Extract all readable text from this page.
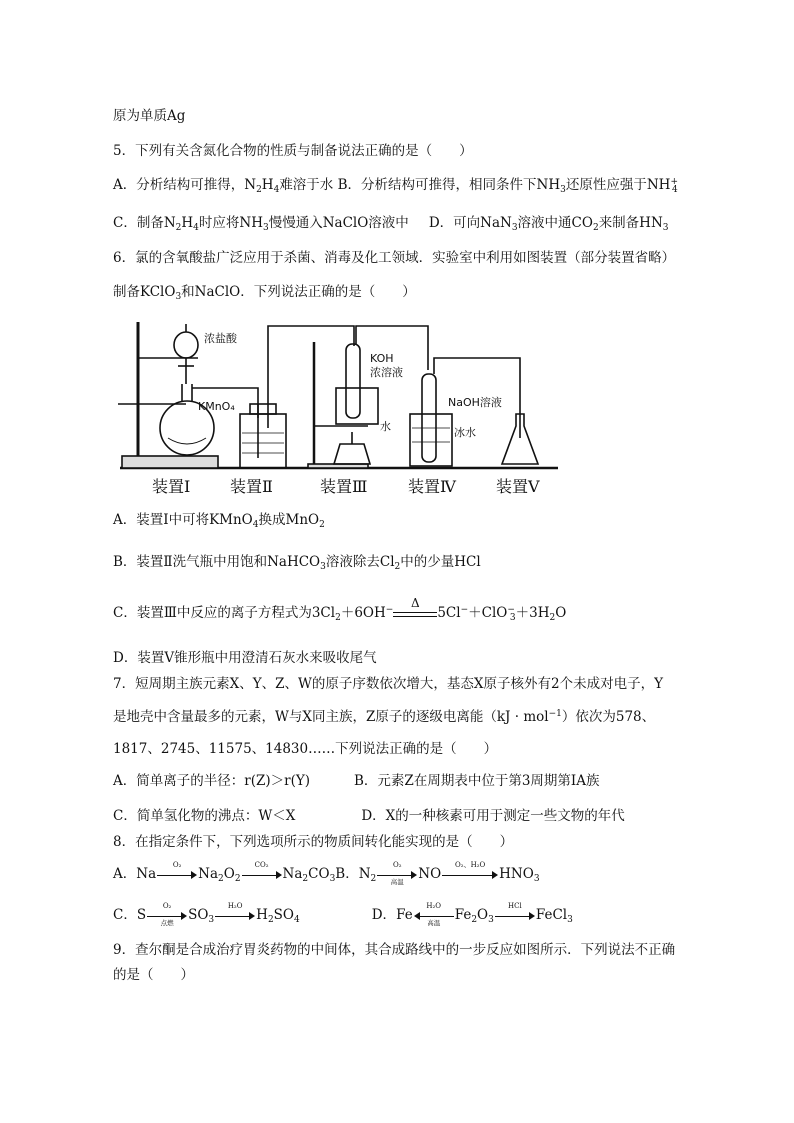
原为单质Ag
5．下列有关含氮化合物的性质与制备说法正确的是（　　）
A．分析结构可推得，$N_2H_4$难溶于水 B．分析结构可推得，相同条件下$NH_3$还原性应强于$NH^+_4$
C．制备$N_2H_4$时应将$NH_3$慢慢通入NaClO溶液中 D．可向NaN$_3$溶液中通$CO_2$来制备$HN_3$
6．氯的含氧酸盐广泛应用于杀菌、消毒及化工领域．实验室中利用如图装置（部分装置省略）
制备KClO$_3$和NaClO．下列说法正确的是（　　）
浓盐酸
KMnO₄
KOH
浓溶液
水
NaOH溶液
冰水
装置Ⅰ 装置Ⅱ	装置Ⅲ	装置Ⅳ	装置Ⅴ
A．装置Ⅰ中可将KMnO$_4$换成MnO$_2$
B．装置Ⅱ洗气瓶中用饱和NaHCO$_3$溶液除去$Cl_2$中的少量HCl
C．装置Ⅲ中反应的离子方程式为$3Cl_2+6OH^-$
Δ
$5Cl^-+ClO^-_3+3H_2O$
D．装置Ⅴ锥形瓶中用澄清石灰水来吸收尾气
7．短周期主族元素X、Y、Z、W的原子序数依次增大，基态X原子核外有2个未成对电子，Y
是地壳中含量最多的元素，W与X同主族，Z原子的逐级电离能（kJ · mol$^{-1}$）依次为578、
1817、2745、11575、14830……下列说法正确的是（　　）
A．简单离子的半径：r(Z)＞r(Y)	B．元素Z在周期表中位于第3周期第ⅠA族
C．简单氢化物的沸点：W＜X	D．X的一种核素可用于测定一些文物的年代
8．在指定条件下，下列选项所示的物质间转化能实现的是（　　）
A．Na
O₂
$Na_2O_2$
CO₂
$Na_2CO_3B$．$N_2$
O₂
高温	NO
O₂、H₂O
$HNO_3$
C．S
O₂
点燃	$SO_3$
H₂O
$H_2SO_4$	D．Fe
H₂O
高温	$Fe_2O_3$
HCl
FeCl$_3$
9．查尔酮是合成治疗胃炎药物的中间体，其合成路线中的一步反应如图所示．下列说法不正确
的是（　　）
